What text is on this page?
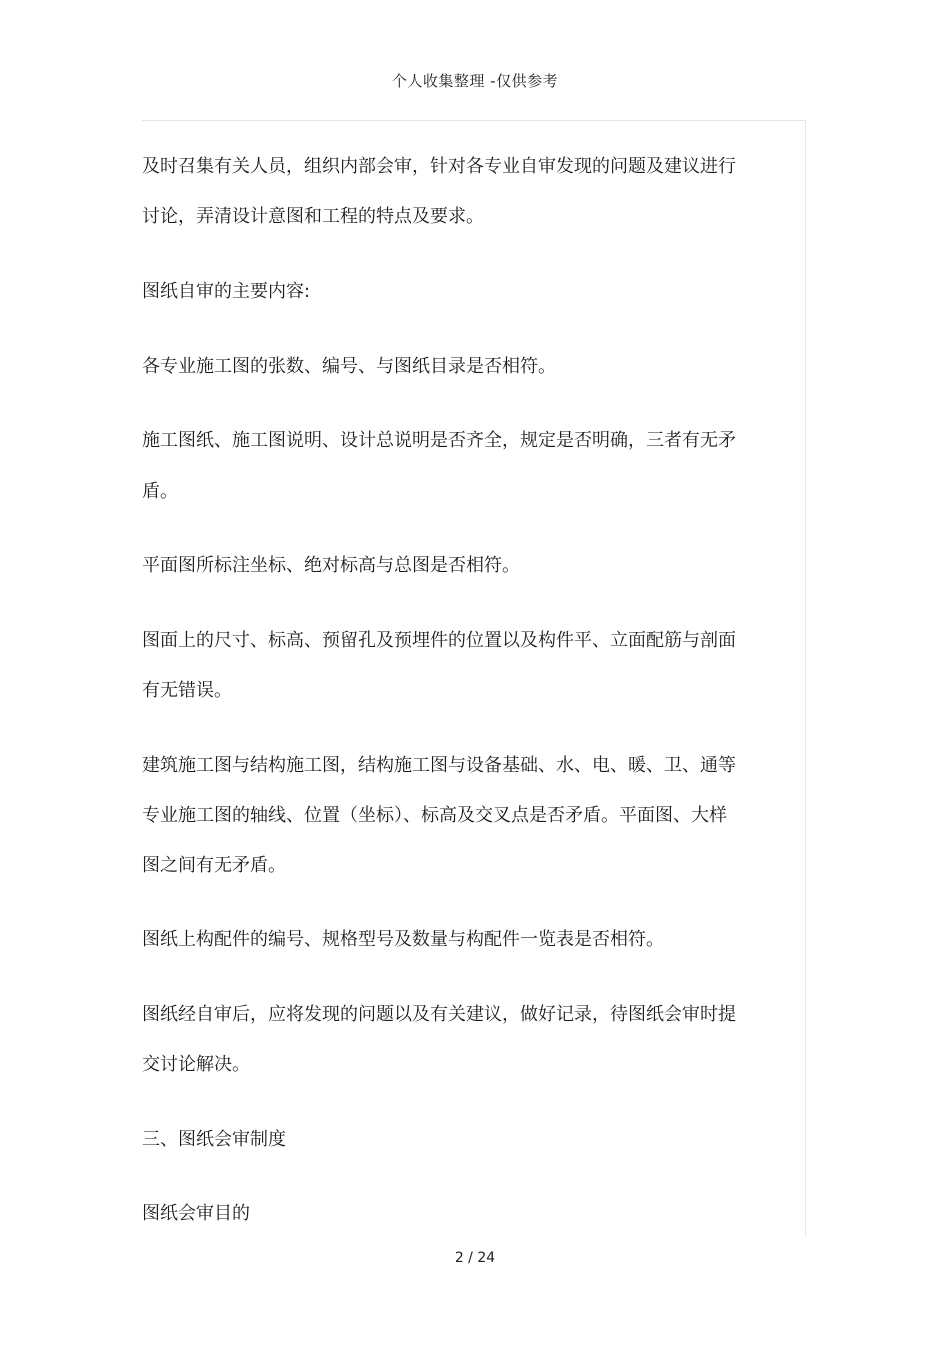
个人收集整理 -仅供参考
及时召集有关人员，组织内部会审，针对各专业自审发现的问题及建议进行
讨论，弄清设计意图和工程的特点及要求。
图纸自审的主要内容:
各专业施工图的张数、编号、与图纸目录是否相符。
施工图纸、施工图说明、设计总说明是否齐全，规定是否明确，三者有无矛
盾。
平面图所标注坐标、绝对标高与总图是否相符。
图面上的尺寸、标高、预留孔及预埋件的位置以及构件平、立面配筋与剖面
有无错误。
建筑施工图与结构施工图，结构施工图与设备基础、水、电、暖、卫、通等
专业施工图的轴线、位置（坐标）、标高及交叉点是否矛盾。平面图、大样
图之间有无矛盾。
图纸上构配件的编号、规格型号及数量与构配件一览表是否相符。
图纸经自审后，应将发现的问题以及有关建议，做好记录，待图纸会审时提
交讨论解决。
三、图纸会审制度
图纸会审目的
2 / 24
